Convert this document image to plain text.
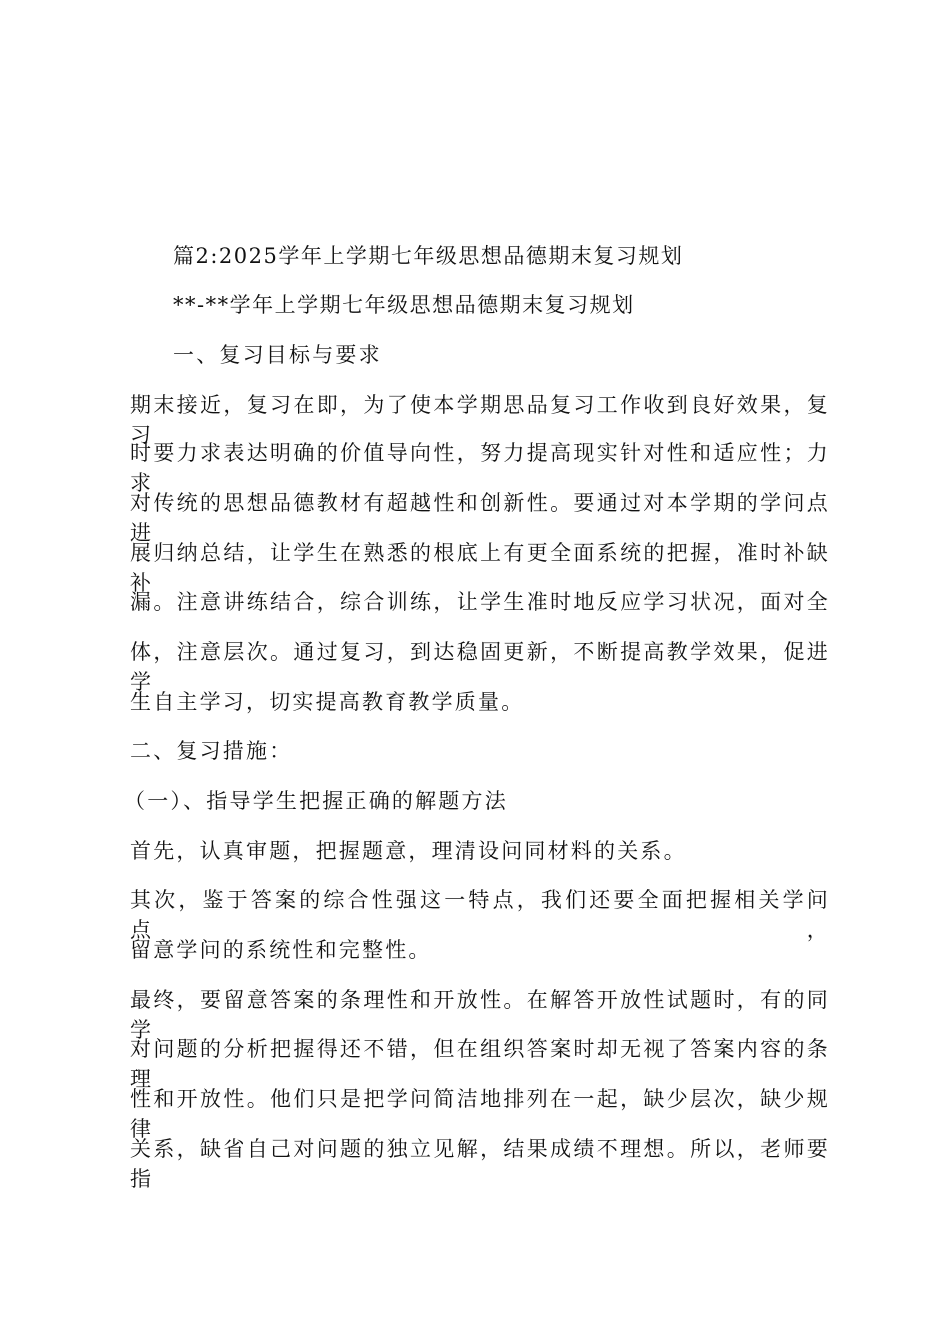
篇2:2025学年上学期七年级思想品德期末复习规划
**-**学年上学期七年级思想品德期末复习规划
一、复习目标与要求
期末接近，复习在即，为了使本学期思品复习工作收到良好效果，复习
时要力求表达明确的价值导向性，努力提高现实针对性和适应性；力求
对传统的思想品德教材有超越性和创新性。要通过对本学期的学问点进
展归纳总结，让学生在熟悉的根底上有更全面系统的把握，准时补缺补
漏。注意讲练结合，综合训练，让学生准时地反应学习状况，面对全
体，注意层次。通过复习，到达稳固更新，不断提高教学效果，促进学
生自主学习，切实提高教育教学质量。
二、复习措施：
（一）、指导学生把握正确的解题方法
首先，认真审题，把握题意，理清设问同材料的关系。
其次，鉴于答案的综合性强这一特点，我们还要全面把握相关学问点，
留意学问的系统性和完整性。
最终，要留意答案的条理性和开放性。在解答开放性试题时，有的同学
对问题的分析把握得还不错，但在组织答案时却无视了答案内容的条理
性和开放性。他们只是把学问简洁地排列在一起，缺少层次，缺少规律
关系，缺省自己对问题的独立见解，结果成绩不理想。所以，老师要指
